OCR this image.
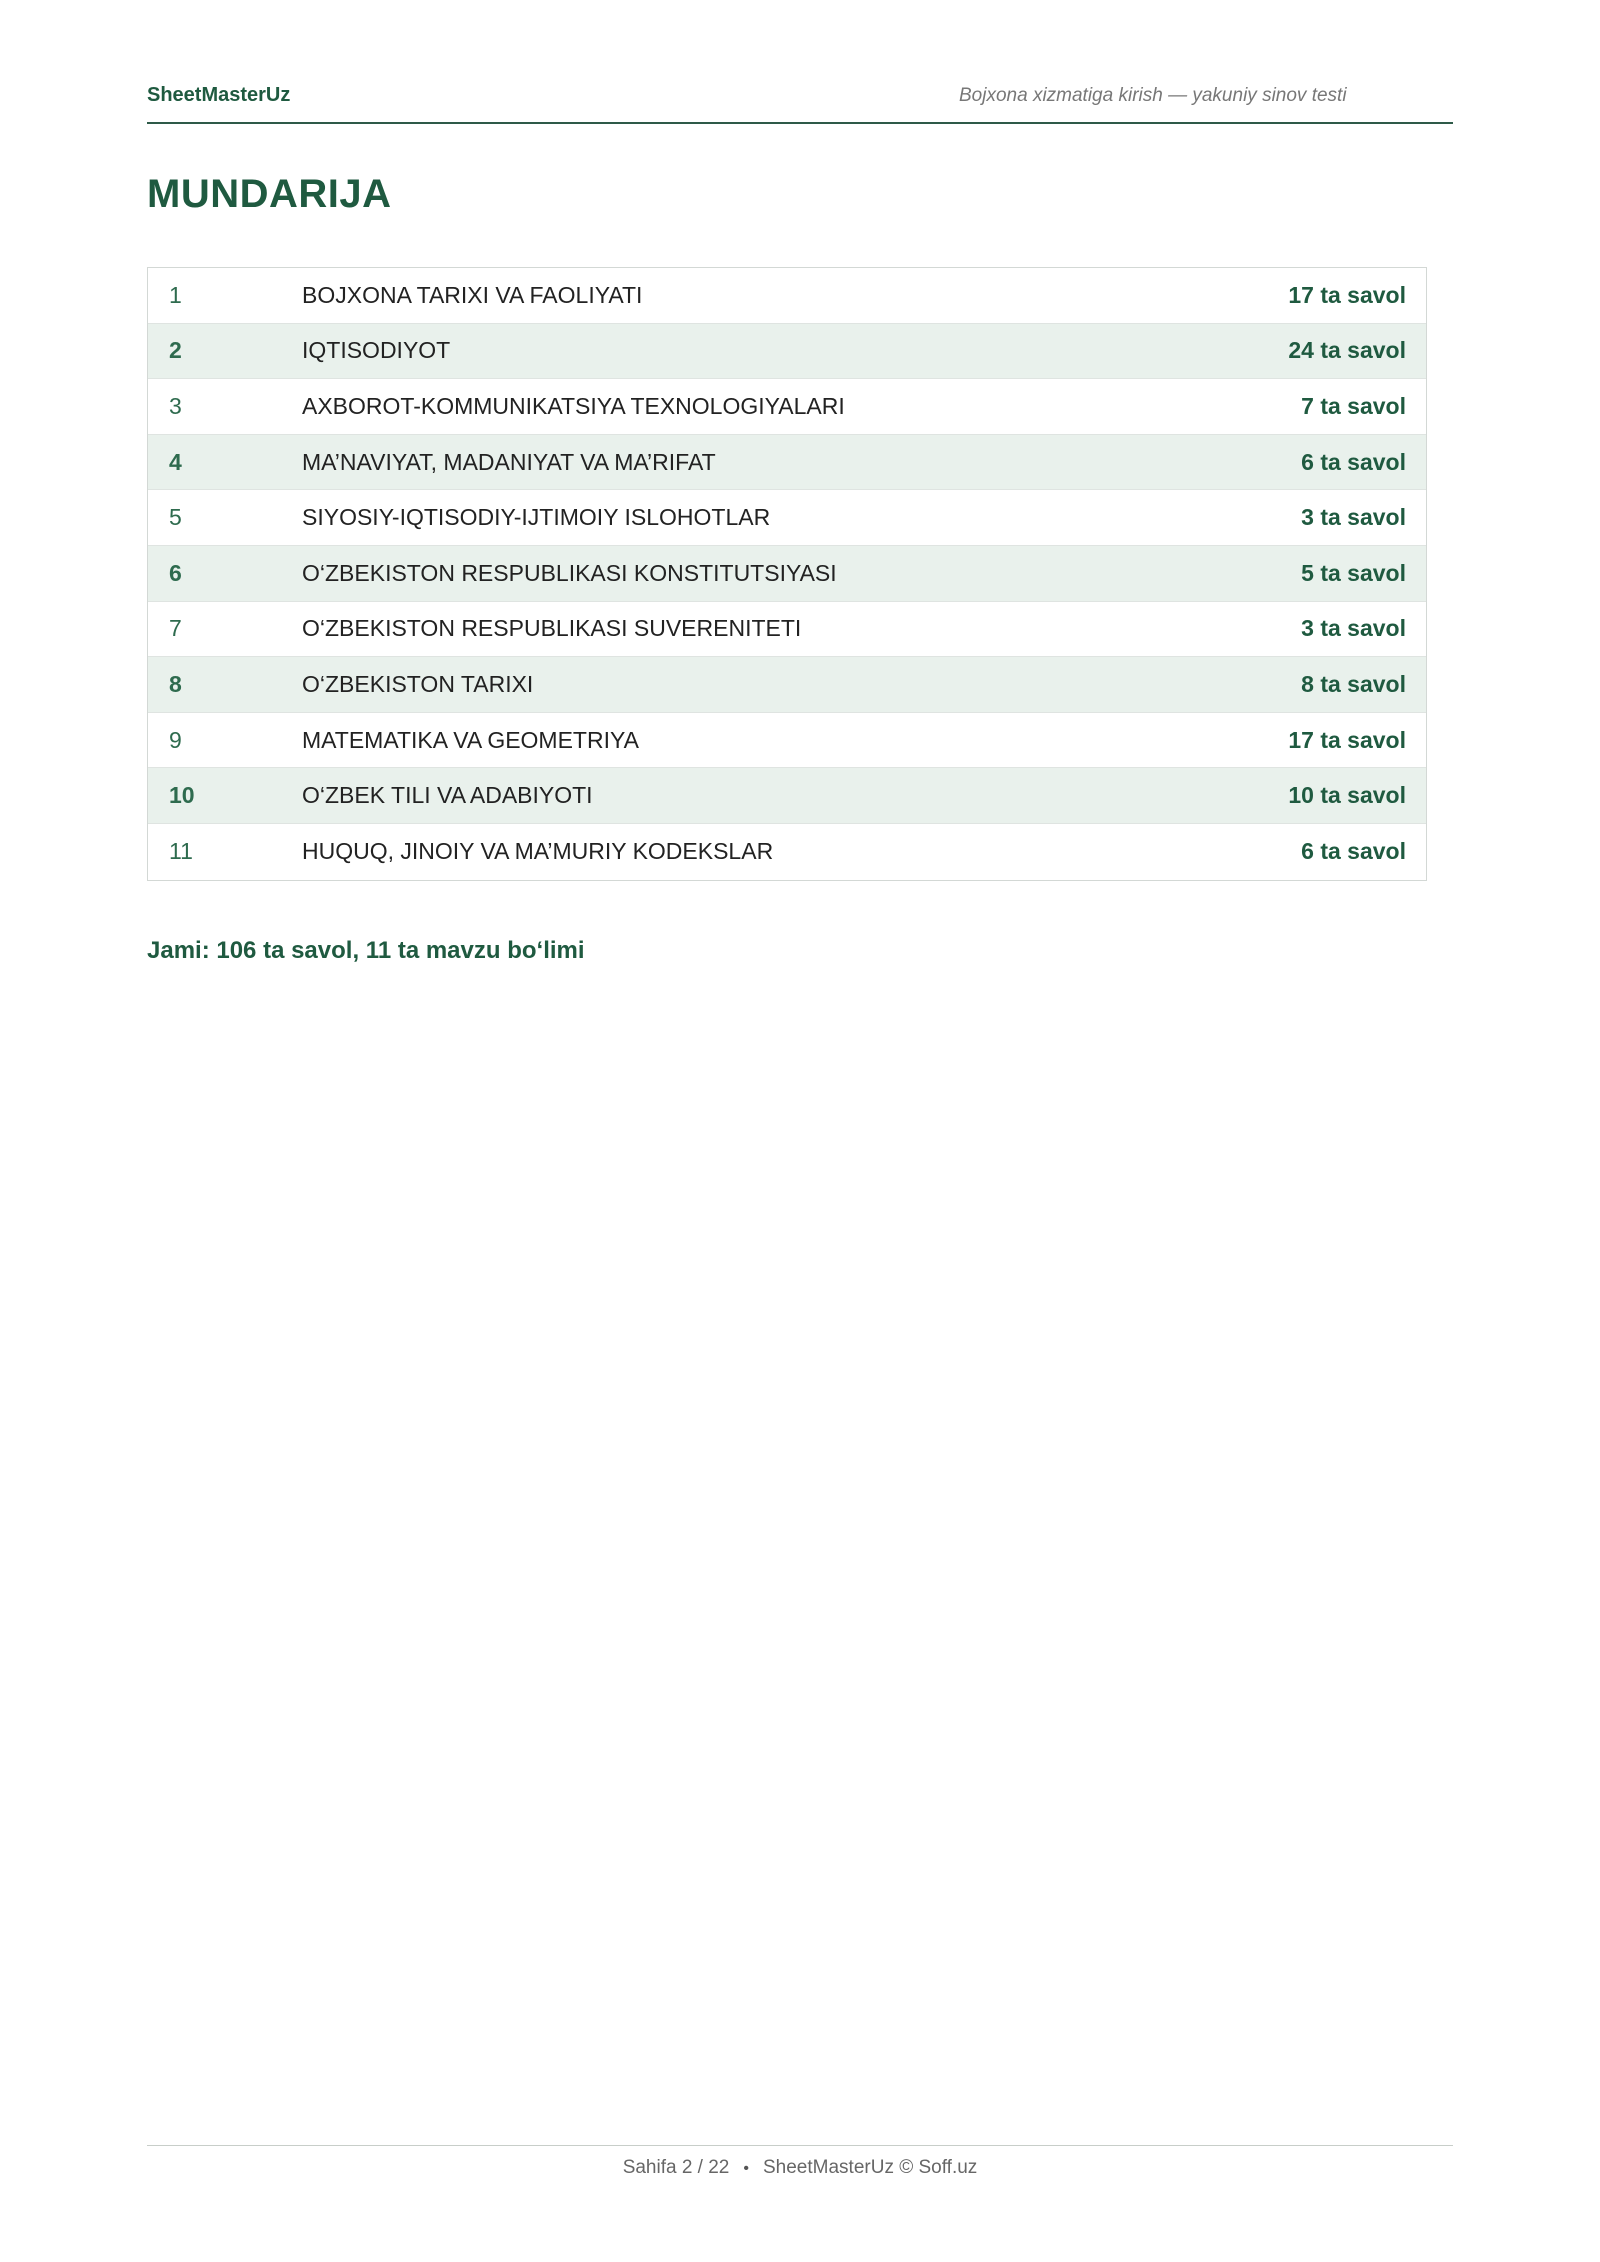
SheetMasterUz	Bojxona xizmatiga kirish — yakuniy sinov testi
MUNDARIJA
1	BOJXONA TARIXI VA FAOLIYATI	17 ta savol
2	IQTISODIYOT	24 ta savol
3	AXBOROT-KOMMUNIKATSIYA TEXNOLOGIYALARI	7 ta savol
4	MA’NAVIYAT, MADANIYAT VA MA’RIFAT	6 ta savol
5	SIYOSIY-IQTISODIY-IJTIMOIY ISLOHOTLAR	3 ta savol
6	O‘ZBEKISTON RESPUBLIKASI KONSTITUTSIYASI	5 ta savol
7	O‘ZBEKISTON RESPUBLIKASI SUVERENITETI	3 ta savol
8	O‘ZBEKISTON TARIXI	8 ta savol
9	MATEMATIKA VA GEOMETRIYA	17 ta savol
10	O‘ZBEK TILI VA ADABIYOTI	10 ta savol
11	HUQUQ, JINOIY VA MA’MURIY KODEKSLAR	6 ta savol
Jami: 106 ta savol, 11 ta mavzu bo‘limi
Sahifa 2 / 22 • SheetMasterUz © Soff.uz
